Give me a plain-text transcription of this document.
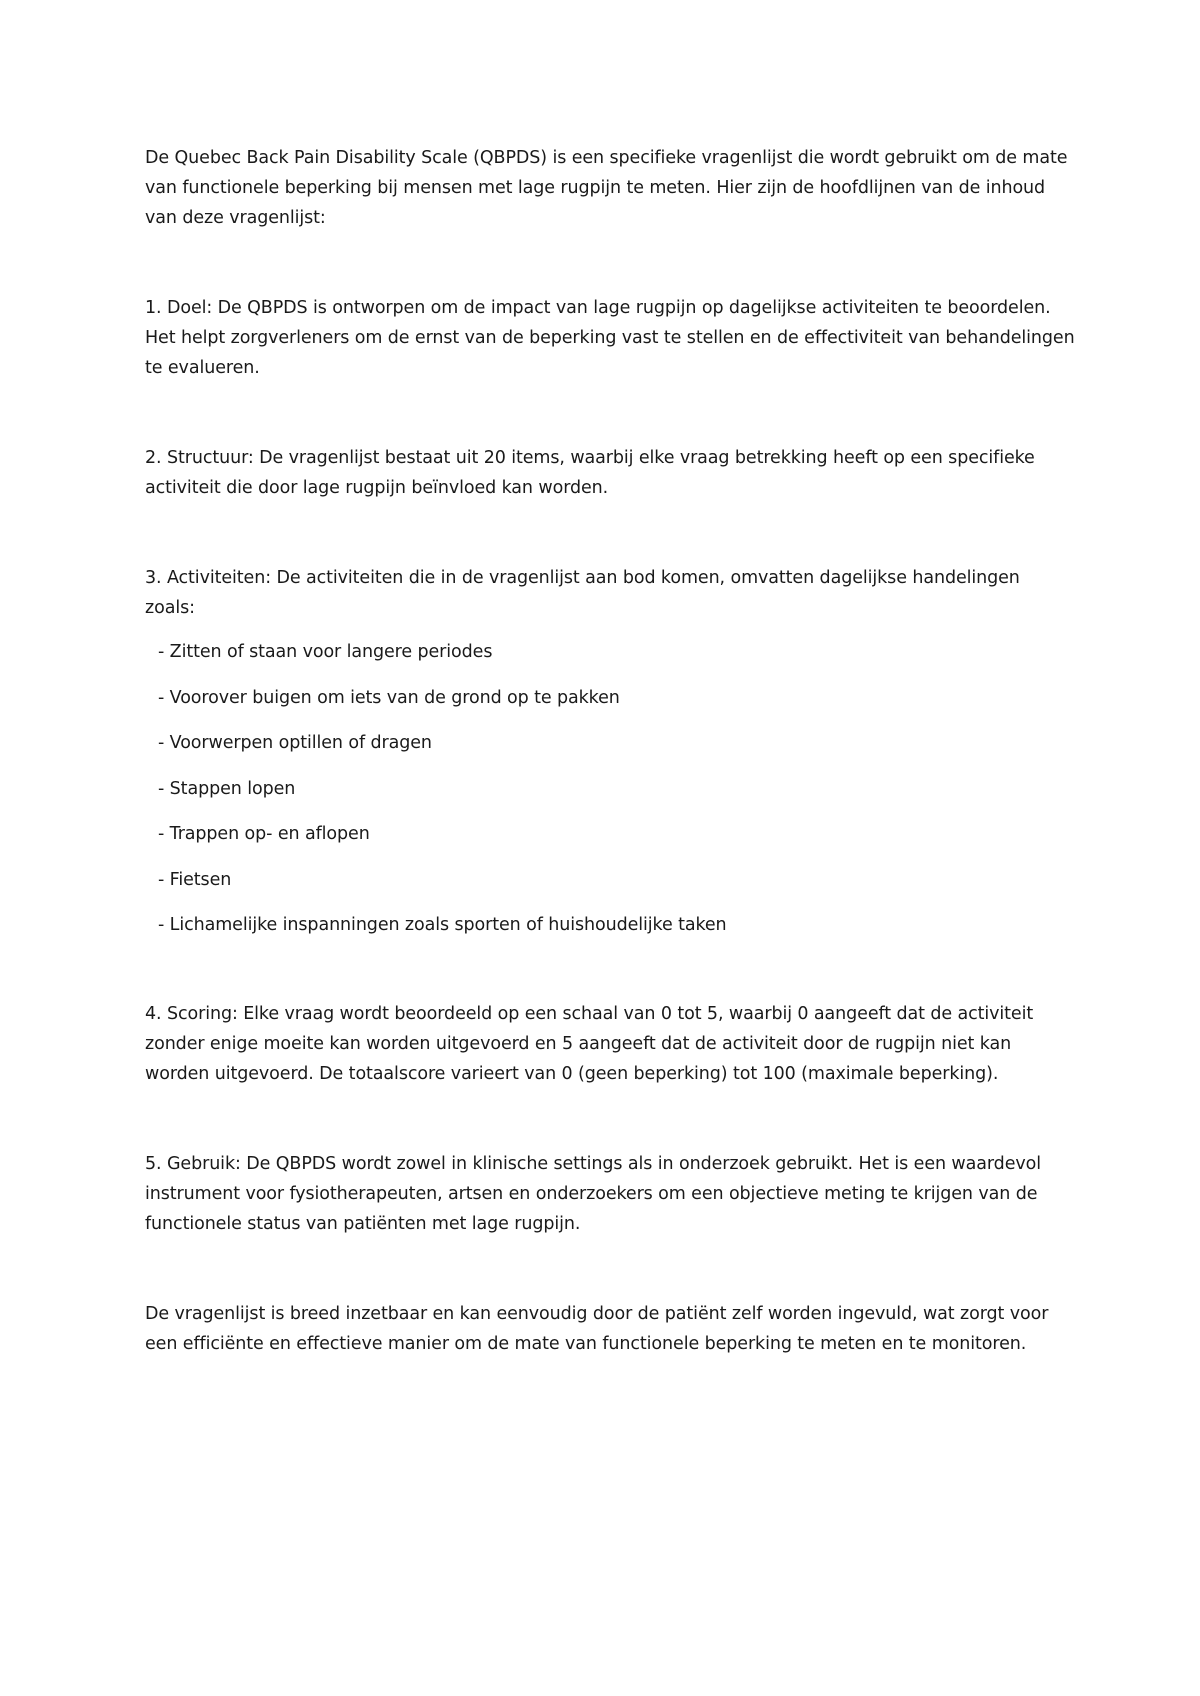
De Quebec Back Pain Disability Scale (QBPDS) is een specifieke vragenlijst die wordt gebruikt om de mate van functionele beperking bij mensen met lage rugpijn te meten. Hier zijn de hoofdlijnen van de inhoud van deze vragenlijst:

1. Doel: De QBPDS is ontworpen om de impact van lage rugpijn op dagelijkse activiteiten te beoordelen. Het helpt zorgverleners om de ernst van de beperking vast te stellen en de effectiviteit van behandelingen te evalueren.

2. Structuur: De vragenlijst bestaat uit 20 items, waarbij elke vraag betrekking heeft op een specifieke activiteit die door lage rugpijn beïnvloed kan worden.

3. Activiteiten: De activiteiten die in de vragenlijst aan bod komen, omvatten dagelijkse handelingen zoals:

- Zitten of staan voor langere periodes
- Voorover buigen om iets van de grond op te pakken
- Voorwerpen optillen of dragen
- Stappen lopen
- Trappen op- en aflopen
- Fietsen
- Lichamelijke inspanningen zoals sporten of huishoudelijke taken

4. Scoring: Elke vraag wordt beoordeeld op een schaal van 0 tot 5, waarbij 0 aangeeft dat de activiteit zonder enige moeite kan worden uitgevoerd en 5 aangeeft dat de activiteit door de rugpijn niet kan worden uitgevoerd. De totaalscore varieert van 0 (geen beperking) tot 100 (maximale beperking).

5. Gebruik: De QBPDS wordt zowel in klinische settings als in onderzoek gebruikt. Het is een waardevol instrument voor fysiotherapeuten, artsen en onderzoekers om een objectieve meting te krijgen van de functionele status van patiënten met lage rugpijn.

De vragenlijst is breed inzetbaar en kan eenvoudig door de patiënt zelf worden ingevuld, wat zorgt voor een efficiënte en effectieve manier om de mate van functionele beperking te meten en te monitoren.
